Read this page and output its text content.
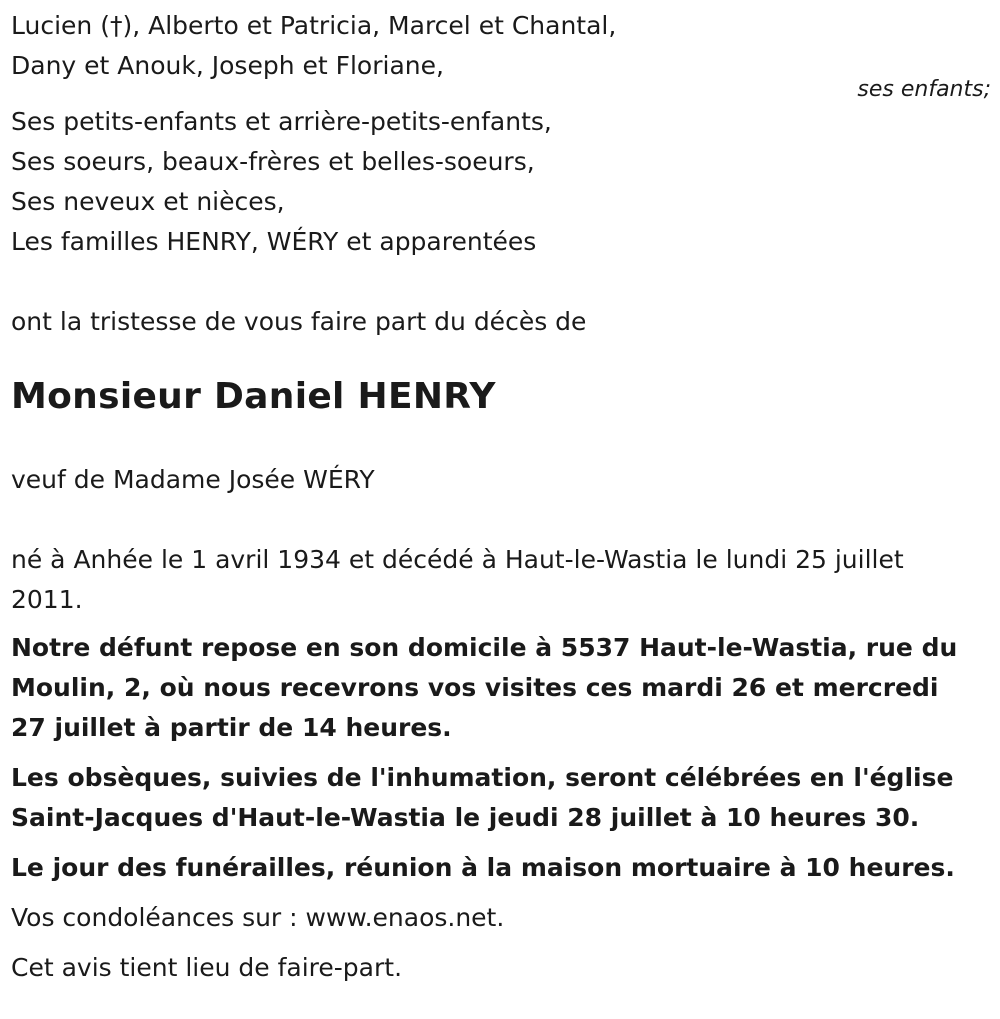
Lucien (†), Alberto et Patricia, Marcel et Chantal,
Dany et Anouk, Joseph et Floriane,
ses enfants;
Ses petits-enfants et arrière-petits-enfants,
Ses soeurs, beaux-frères et belles-soeurs,
Ses neveux et nièces,
Les familles HENRY, WÉRY et apparentées
ont la tristesse de vous faire part du décès de
Monsieur Daniel HENRY
veuf de Madame Josée WÉRY
né à Anhée le 1 avril 1934 et décédé à Haut-le-Wastia le lundi 25 juillet 2011.
Notre défunt repose en son domicile à 5537 Haut-le-Wastia, rue du Moulin, 2, où nous recevrons vos visites ces mardi 26 et mercredi 27 juillet à partir de 14 heures.
Les obsèques, suivies de l'inhumation, seront célébrées en l'église Saint-Jacques d'Haut-le-Wastia le jeudi 28 juillet à 10 heures 30.
Le jour des funérailles, réunion à la maison mortuaire à 10 heures.
Vos condoléances sur : www.enaos.net.
Cet avis tient lieu de faire-part.
